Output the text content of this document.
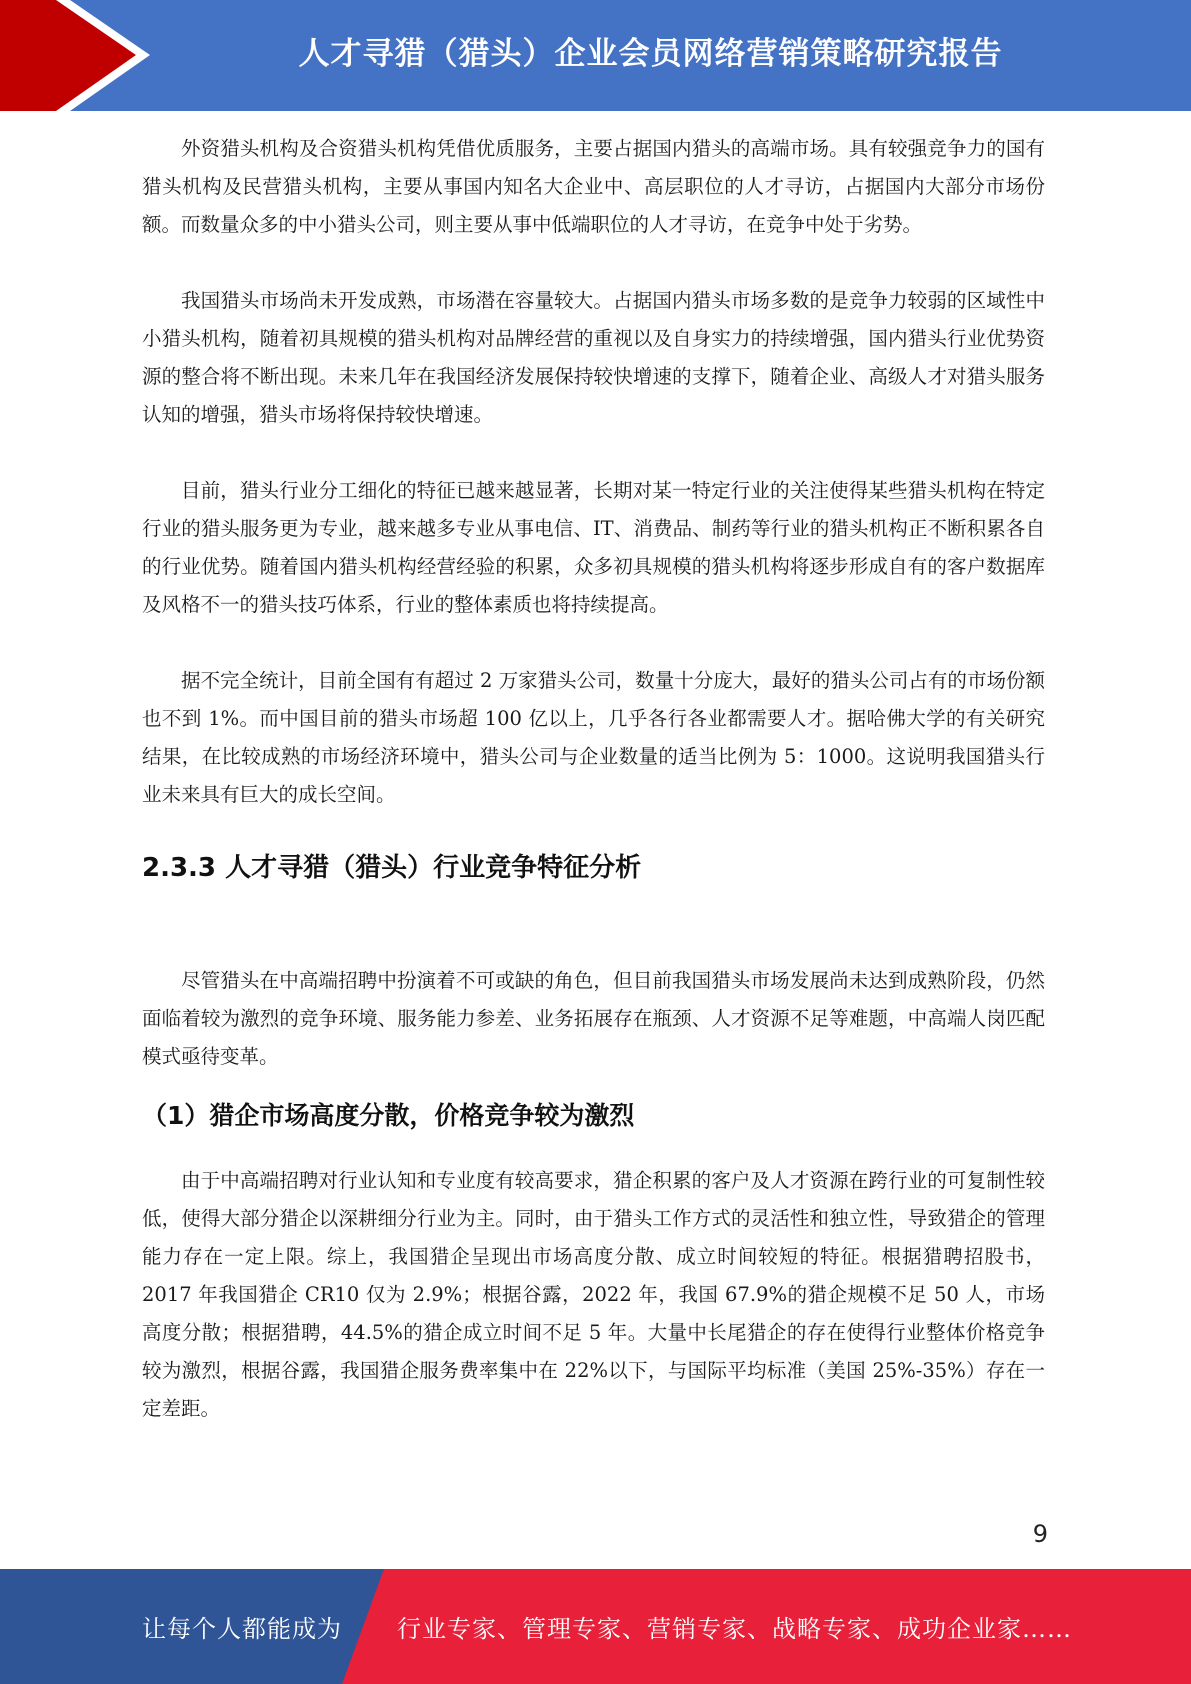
人才寻猎（猎头）企业会员网络营销策略研究报告

外资猎头机构及合资猎头机构凭借优质服务，主要占据国内猎头的高端市场。具有较强竞争力的国有猎头机构及民营猎头机构，主要从事国内知名大企业中、高层职位的人才寻访，占据国内大部分市场份额。而数量众多的中小猎头公司，则主要从事中低端职位的人才寻访，在竞争中处于劣势。

我国猎头市场尚未开发成熟，市场潜在容量较大。占据国内猎头市场多数的是竞争力较弱的区域性中小猎头机构，随着初具规模的猎头机构对品牌经营的重视以及自身实力的持续增强，国内猎头行业优势资源的整合将不断出现。未来几年在我国经济发展保持较快增速的支撑下，随着企业、高级人才对猎头服务认知的增强，猎头市场将保持较快增速。

目前，猎头行业分工细化的特征已越来越显著，长期对某一特定行业的关注使得某些猎头机构在特定行业的猎头服务更为专业，越来越多专业从事电信、IT、消费品、制药等行业的猎头机构正不断积累各自的行业优势。随着国内猎头机构经营经验的积累，众多初具规模的猎头机构将逐步形成自有的客户数据库及风格不一的猎头技巧体系，行业的整体素质也将持续提高。

据不完全统计，目前全国有有超过 2 万家猎头公司，数量十分庞大，最好的猎头公司占有的市场份额也不到 1%。而中国目前的猎头市场超 100 亿以上，几乎各行各业都需要人才。据哈佛大学的有关研究结果，在比较成熟的市场经济环境中，猎头公司与企业数量的适当比例为 5：1000。这说明我国猎头行业未来具有巨大的成长空间。

2.3.3 人才寻猎（猎头）行业竞争特征分析

尽管猎头在中高端招聘中扮演着不可或缺的角色，但目前我国猎头市场发展尚未达到成熟阶段，仍然面临着较为激烈的竞争环境、服务能力参差、业务拓展存在瓶颈、人才资源不足等难题，中高端人岗匹配模式亟待变革。

（1）猎企市场高度分散，价格竞争较为激烈

由于中高端招聘对行业认知和专业度有较高要求，猎企积累的客户及人才资源在跨行业的可复制性较低，使得大部分猎企以深耕细分行业为主。同时，由于猎头工作方式的灵活性和独立性，导致猎企的管理能力存在一定上限。综上，我国猎企呈现出市场高度分散、成立时间较短的特征。根据猎聘招股书，2017 年我国猎企 CR10 仅为 2.9%；根据谷露，2022 年，我国 67.9%的猎企规模不足 50 人，市场高度分散；根据猎聘，44.5%的猎企成立时间不足 5 年。大量中长尾猎企的存在使得行业整体价格竞争较为激烈，根据谷露，我国猎企服务费率集中在 22%以下，与国际平均标准（美国 25%-35%）存在一定差距。

9
让每个人都能成为 行业专家、管理专家、营销专家、战略专家、成功企业家……
